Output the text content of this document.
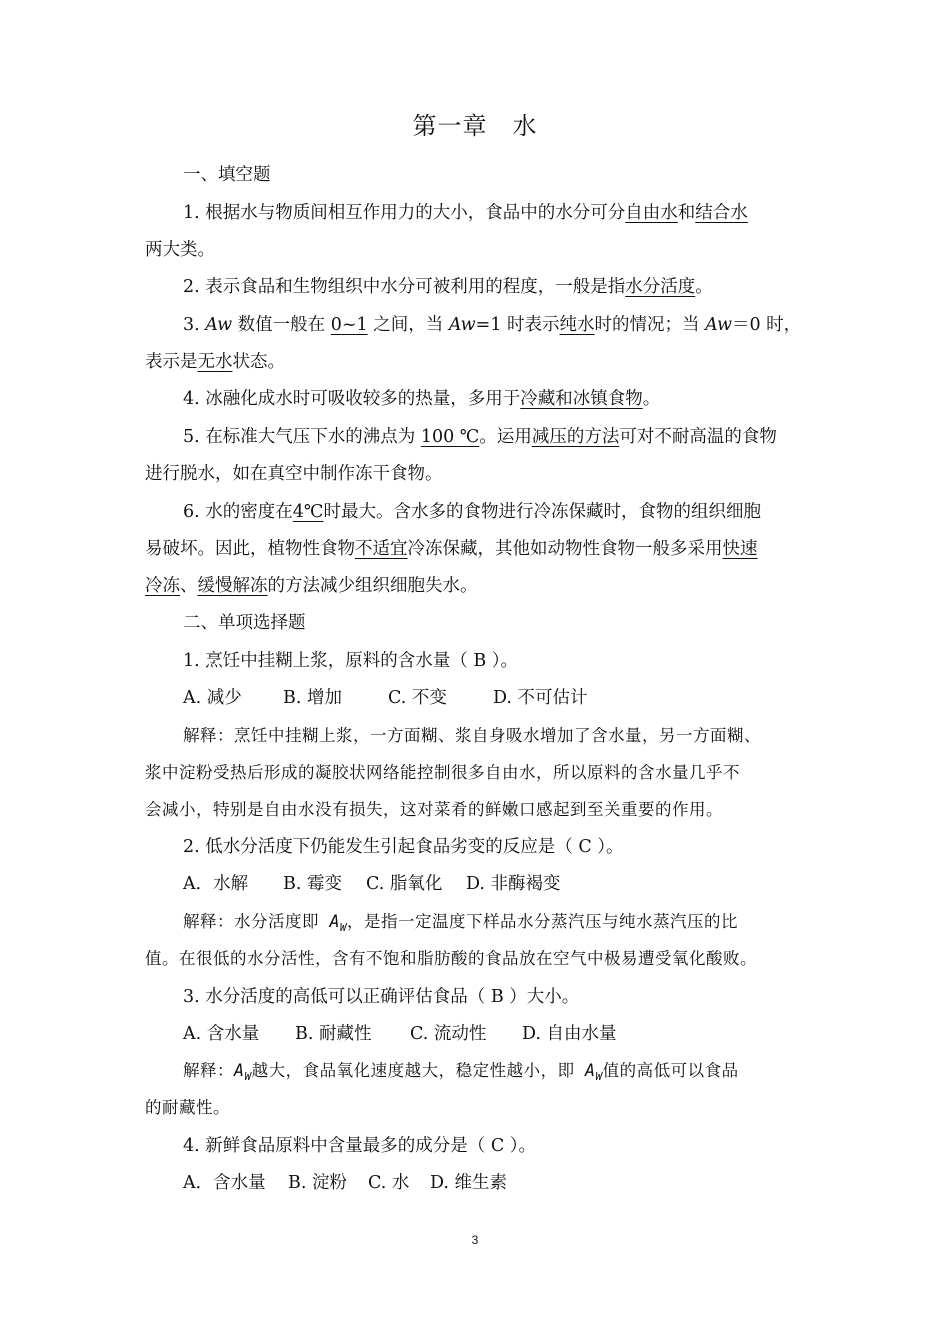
第一章　水
一、填空题
1. 根据水与物质间相互作用力的大小，食品中的水分可分自由水和结合水
两大类。
2. 表示食品和生物组织中水分可被利用的程度，一般是指水分活度。
3. Aw 数值一般在 0~1 之间，当 Aw=1 时表示纯水时的情况；当 Aw＝0 时，
表示是无水状态。
4. 冰融化成水时可吸收较多的热量，多用于冷藏和冰镇食物。
5. 在标准大气压下水的沸点为 100 ℃。运用减压的方法可对不耐高温的食物
进行脱水，如在真空中制作冻干食物。
6. 水的密度在4℃时最大。含水多的食物进行冷冻保藏时，食物的组织细胞
易破坏。因此，植物性食物不适宜冷冻保藏，其他如动物性食物一般多采用快速
冷冻、缓慢解冻的方法减少组织细胞失水。
二、单项选择题
1. 烹饪中挂糊上浆，原料的含水量（ B ）。
A. 减少 B. 增加	C. 不变	D. 不可估计
解释：烹饪中挂糊上浆，一方面糊、浆自身吸水增加了含水量，另一方面糊、
浆中淀粉受热后形成的凝胶状网络能控制很多自由水，所以原料的含水量几乎不
会减小，特别是自由水没有损失，这对菜肴的鲜嫩口感起到至关重要的作用。
2. 低水分活度下仍能发生引起食品劣变的反应是（ C ）。
A．水解 B. 霉变 C. 脂氧化 D. 非酶褐变
解释：水分活度即 $A_W$，是指一定温度下样品水分蒸汽压与纯水蒸汽压的比
值。在很低的水分活性，含有不饱和脂肪酸的食品放在空气中极易遭受氧化酸败。
3. 水分活度的高低可以正确评估食品（ B ）大小。
A. 含水量 B. 耐藏性 C. 流动性 D. 自由水量
解释：$A_W$越大，食品氧化速度越大，稳定性越小，即 $A_W$值的高低可以食品
的耐藏性。
4. 新鲜食品原料中含量最多的成分是（ C ）。
A．含水量 B. 淀粉 C. 水 D. 维生素
3
